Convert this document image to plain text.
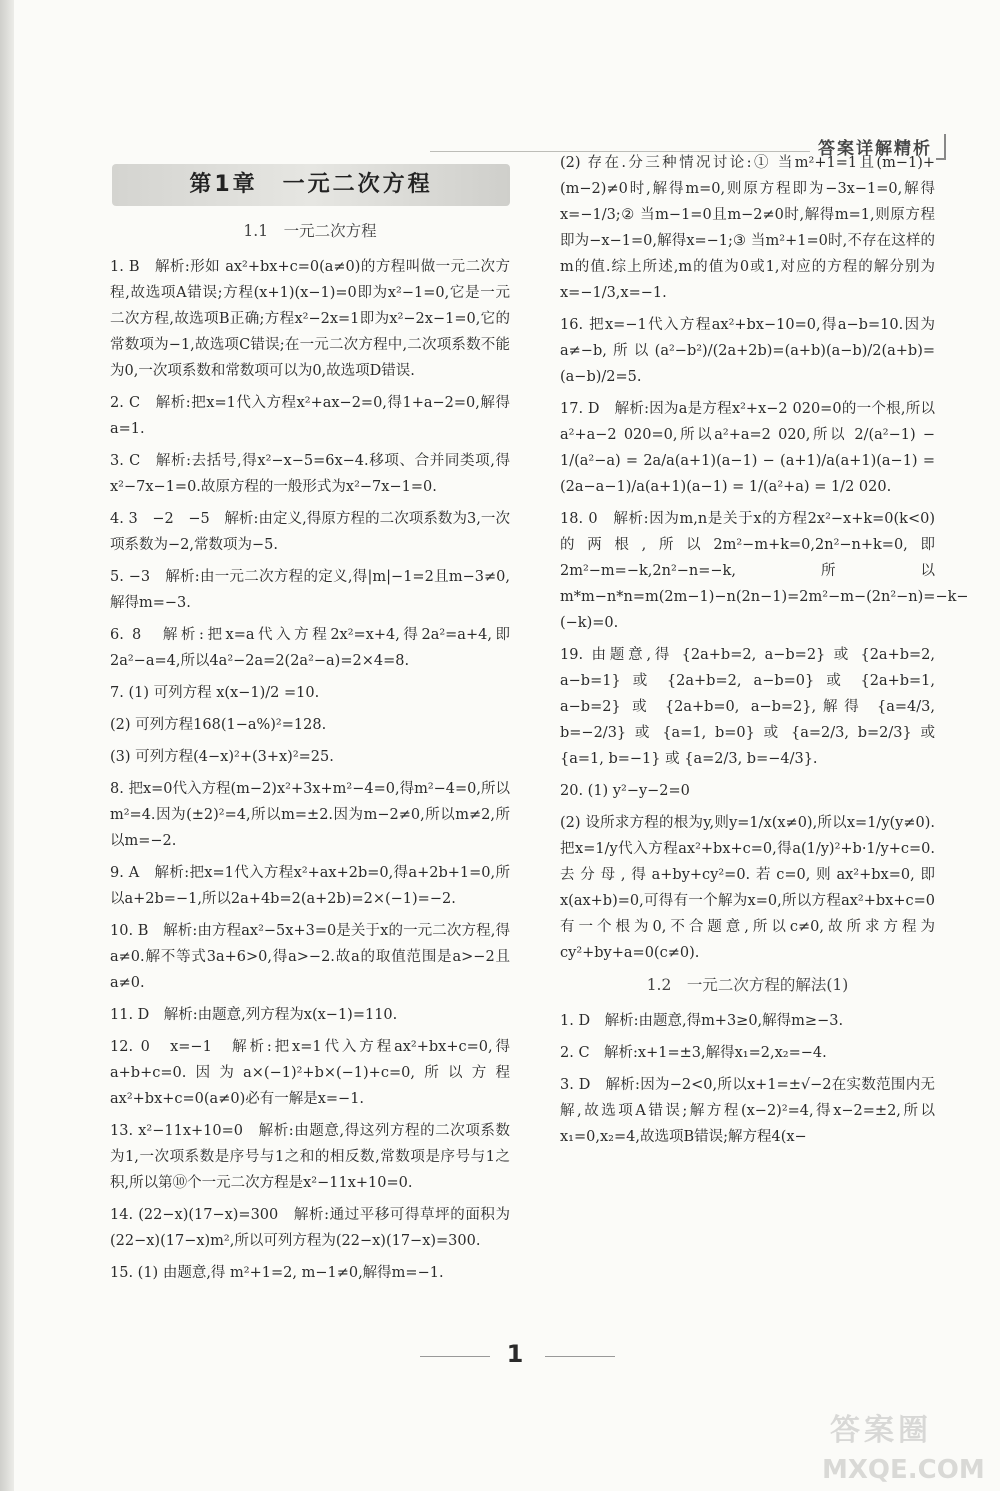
答案详解精析
第1章　一元二次方程
1.1　一元二次方程
1. B　解析:形如 ax²+bx+c=0(a≠0)的方程叫做一元二次方程,故选项A错误;方程(x+1)(x−1)=0即为x²−1=0,它是一元二次方程,故选项B正确;方程x²−2x=1即为x²−2x−1=0,它的常数项为−1,故选项C错误;在一元二次方程中,二次项系数不能为0,一次项系数和常数项可以为0,故选项D错误.
2. C　解析:把x=1代入方程x²+ax−2=0,得1+a−2=0,解得a=1.
3. C　解析:去括号,得x²−x−5=6x−4.移项、合并同类项,得x²−7x−1=0.故原方程的一般形式为x²−7x−1=0.
4. 3　−2　−5　解析:由定义,得原方程的二次项系数为3,一次项系数为−2,常数项为−5.
5. −3　解析:由一元二次方程的定义,得|m|−1=2且m−3≠0,解得m=−3.
6. 8　解析:把x=a代入方程2x²=x+4,得2a²=a+4,即2a²−a=4,所以4a²−2a=2(2a²−a)=2×4=8.
7. (1) 可列方程 x(x−1)/2 =10.
(2) 可列方程168(1−a%)²=128.
(3) 可列方程(4−x)²+(3+x)²=25.
8. 把x=0代入方程(m−2)x²+3x+m²−4=0,得m²−4=0,所以m²=4.因为(±2)²=4,所以m=±2.因为m−2≠0,所以m≠2,所以m=−2.
9. A　解析:把x=1代入方程x²+ax+2b=0,得a+2b+1=0,所以a+2b=−1,所以2a+4b=2(a+2b)=2×(−1)=−2.
10. B　解析:由方程ax²−5x+3=0是关于x的一元二次方程,得a≠0.解不等式3a+6>0,得a>−2.故a的取值范围是a>−2且a≠0.
11. D　解析:由题意,列方程为x(x−1)=110.
12. 0　x=−1　解析:把x=1代入方程ax²+bx+c=0,得a+b+c=0.因为a×(−1)²+b×(−1)+c=0,所以方程ax²+bx+c=0(a≠0)必有一解是x=−1.
13. x²−11x+10=0　解析:由题意,得这列方程的二次项系数为1,一次项系数是序号与1之和的相反数,常数项是序号与1之积,所以第⑩个一元二次方程是x²−11x+10=0.
14. (22−x)(17−x)=300　解析:通过平移可得草坪的面积为(22−x)(17−x)m²,所以可列方程为(22−x)(17−x)=300.
15. (1) 由题意,得 m²+1=2, m−1≠0,解得m=−1.
(2) 存在.分三种情况讨论:① 当m²+1=1且(m−1)+(m−2)≠0时,解得m=0,则原方程即为−3x−1=0,解得x=−1/3;② 当m−1=0且m−2≠0时,解得m=1,则原方程即为−x−1=0,解得x=−1;③ 当m²+1=0时,不存在这样的m的值.综上所述,m的值为0或1,对应的方程的解分别为x=−1/3,x=−1.
16. 把x=−1代入方程ax²+bx−10=0,得a−b=10.因为a≠−b,所以(a²−b²)/(2a+2b)=(a+b)(a−b)/2(a+b)=(a−b)/2=5.
17. D　解析:因为a是方程x²+x−2 020=0的一个根,所以a²+a−2 020=0,所以a²+a=2 020,所以 2/(a²−1) − 1/(a²−a) = 2a/a(a+1)(a−1) − (a+1)/a(a+1)(a−1) = (2a−a−1)/a(a+1)(a−1) = 1/(a²+a) = 1/2 020.
18. 0　解析:因为m,n是关于x的方程2x²−x+k=0(k<0)的两根,所以2m²−m+k=0,2n²−n+k=0,即2m²−m=−k,2n²−n=−k,所以m*m−n*n=m(2m−1)−n(2n−1)=2m²−m−(2n²−n)=−k−(−k)=0.
19. 由题意,得 {2a+b=2, a−b=2} 或 {2a+b=2, a−b=1} 或 {2a+b=2, a−b=0} 或 {2a+b=1, a−b=2} 或 {2a+b=0, a−b=2},解得 {a=4/3, b=−2/3} 或 {a=1, b=0} 或 {a=2/3, b=2/3} 或 {a=1, b=−1} 或 {a=2/3, b=−4/3}.
20. (1) y²−y−2=0
(2) 设所求方程的根为y,则y=1/x(x≠0),所以x=1/y(y≠0).把x=1/y代入方程ax²+bx+c=0,得a(1/y)²+b·1/y+c=0.去分母,得a+by+cy²=0.若c=0,则ax²+bx=0,即x(ax+b)=0,可得有一个解为x=0,所以方程ax²+bx+c=0有一个根为0,不合题意,所以c≠0,故所求方程为cy²+by+a=0(c≠0).
1.2　一元二次方程的解法(1)
1. D　解析:由题意,得m+3≥0,解得m≥−3.
2. C　解析:x+1=±3,解得x₁=2,x₂=−4.
3. D　解析:因为−2<0,所以x+1=±√−2在实数范围内无解,故选项A错误;解方程(x−2)²=4,得x−2=±2,所以x₁=0,x₂=4,故选项B错误;解方程4(x−
1
答案圈
MXQE.COM
